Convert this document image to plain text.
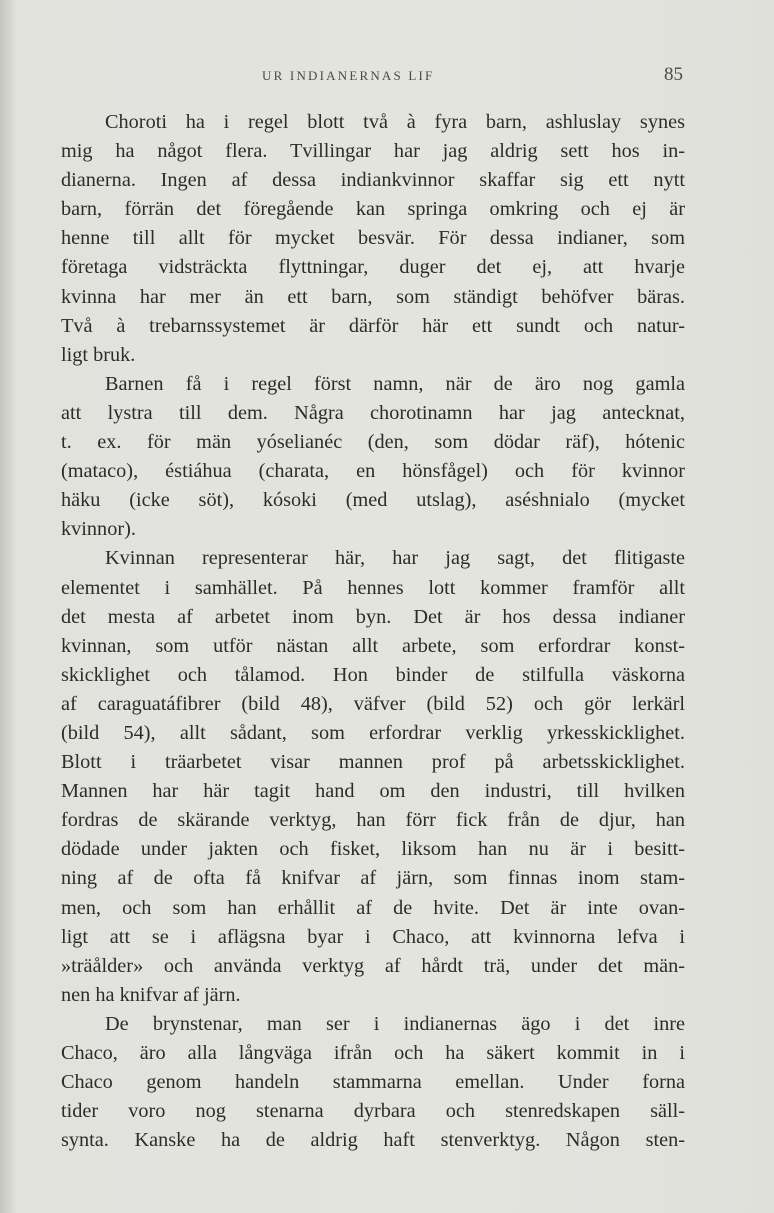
UR INDIANERNAS LIF	85
Choroti ha i regel blott två à fyra barn, ashluslay synes
mig ha något flera. Tvillingar har jag aldrig sett hos in-
dianerna. Ingen af dessa indiankvinnor skaffar sig ett nytt
barn, förrän det föregående kan springa omkring och ej är
henne till allt för mycket besvär. För dessa indianer, som
företaga vidsträckta flyttningar, duger det ej, att hvarje
kvinna har mer än ett barn, som ständigt behöfver bäras.
Två à trebarnssystemet är därför här ett sundt och natur-
ligt bruk.
Barnen få i regel först namn, när de äro nog gamla
att lystra till dem. Några chorotinamn har jag antecknat,
t. ex. för män yóselianéc (den, som dödar räf), hótenic
(mataco), éstiáhua (charata, en hönsfågel) och för kvinnor
häku (icke söt), kósoki (med utslag), aséshnialo (mycket
kvinnor).
Kvinnan representerar här, har jag sagt, det flitigaste
elementet i samhället. På hennes lott kommer framför allt
det mesta af arbetet inom byn. Det är hos dessa indianer
kvinnan, som utför nästan allt arbete, som erfordrar konst-
skicklighet och tålamod. Hon binder de stilfulla väskorna
af caraguatáfibrer (bild 48), väfver (bild 52) och gör lerkärl
(bild 54), allt sådant, som erfordrar verklig yrkesskicklighet.
Blott i träarbetet visar mannen prof på arbetsskicklighet.
Mannen har här tagit hand om den industri, till hvilken
fordras de skärande verktyg, han förr fick från de djur, han
dödade under jakten och fisket, liksom han nu är i besitt-
ning af de ofta få knifvar af järn, som finnas inom stam-
men, och som han erhållit af de hvite. Det är inte ovan-
ligt att se i aflägsna byar i Chaco, att kvinnorna lefva i
»träålder» och använda verktyg af hårdt trä, under det män-
nen ha knifvar af järn.
De brynstenar, man ser i indianernas ägo i det inre
Chaco, äro alla långväga ifrån och ha säkert kommit in i
Chaco genom handeln stammarna emellan. Under forna
tider voro nog stenarna dyrbara och stenredskapen säll-
synta. Kanske ha de aldrig haft stenverktyg. Någon sten-
